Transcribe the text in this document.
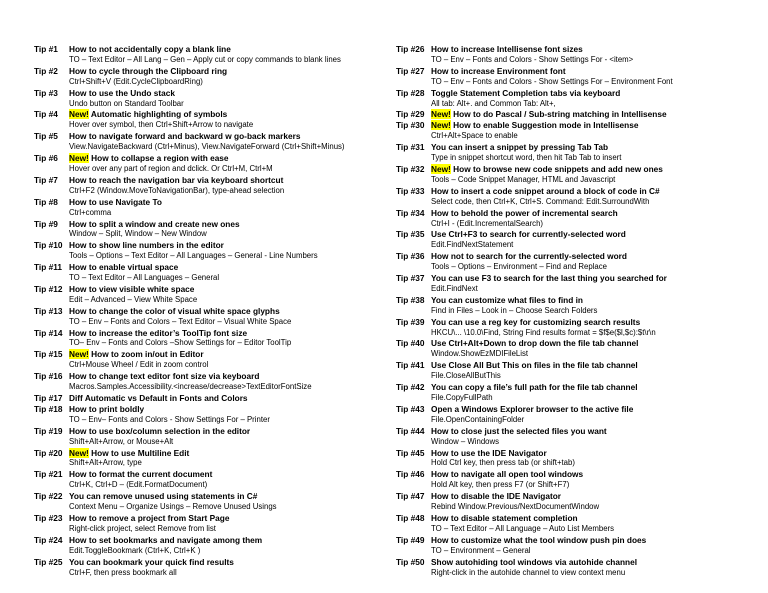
Tip #1	How to not accidentally copy a blank line
TO – Text Editor – All Lang – Gen – Apply cut or copy commands to blank lines
Tip #2	How to cycle through the Clipboard ring
Ctrl+Shift+V (Edit.CycleClipboardRing)
Tip #3	How to use the Undo stack
Undo button on Standard Toolbar
Tip #4	New! Automatic highlighting of symbols
Hover over symbol, then Ctrl+Shift+Arrow to navigate
Tip #5	How to navigate forward and backward w go-back markers
View.NavigateBackward (Ctrl+Minus), View.NavigateForward (Ctrl+Shift+Minus)
Tip #6	New! How to collapse a region with ease
Hover over any part of region and dclick. Or Ctrl+M, Ctrl+M
Tip #7	How to reach the navigation bar via keyboard shortcut
Ctrl+F2 (Window.MoveToNavigationBar), type-ahead selection
Tip #8	How to use Navigate To
Ctrl+comma
Tip #9	How to split a window and create new ones
Window – Split, Window – New Window
Tip #10 How to show line numbers in the editor
Tools – Options – Text Editor – All Languages – General - Line Numbers
Tip #11 How to enable virtual space
TO – Text Editor – All Languages – General
Tip #12 How to view visible white space
Edit – Advanced – View White Space
Tip #13 How to change the color of visual white space glyphs
TO – Env – Fonts and Colors – Text Editor – Visual White Space
Tip #14 How to increase the editor’s ToolTip font size
TO– Env – Fonts and Colors –Show Settings for – Editor ToolTip
Tip #15 New! How to zoom in/out in Editor
Ctrl+Mouse Wheel / Edit in zoom control
Tip #16 How to change text editor font size via keyboard
Macros.Samples.Accessibility.<increase/decrease>TextEditorFontSize
Tip #17 Diff Automatic vs Default in Fonts and Colors
Tip #18 How to print boldly
TO – Env– Fonts and Colors - Show Settings For – Printer
Tip #19 How to use box/column selection in the editor
Shift+Alt+Arrow, or Mouse+Alt
Tip #20 New! How to use Multiline Edit
Shift+Alt+Arrow, type
Tip #21 How to format the current document
Ctrl+K, Ctrl+D – (Edit.FormatDocument)
Tip #22 You can remove unused using statements in C#
Context Menu – Organize Usings – Remove Unused Usings
Tip #23 How to remove a project from Start Page
Right-click project, select Remove from list
Tip #24 How to set bookmarks and navigate among them
Edit.ToggleBookmark (Ctrl+K, Ctrl+K )
Tip #25 You can bookmark your quick find results
Ctrl+F, then press bookmark all
Tip #26 How to increase Intellisense font sizes
TO – Env – Fonts and Colors - Show Settings For - <item>
Tip #27 How to increase Environment font
TO – Env – Fonts and Colors - Show Settings For – Environment Font
Tip #28 Toggle Statement Completion tabs via keyboard
All tab: Alt+. and Common Tab: Alt+,
Tip #29 New! How to do Pascal / Sub-string matching in Intellisense
Tip #30 New! How to enable Suggestion mode in Intellisense
Ctrl+Alt+Space to enable
Tip #31 You can insert a snippet by pressing Tab Tab
Type in snippet shortcut word, then hit Tab Tab to insert
Tip #32 New! How to browse new code snippets and add new ones
Tools – Code Snippet Manager, HTML and Javascript
Tip #33 How to insert a code snippet around a block of code in C#
Select code, then Ctrl+K, Ctrl+S. Command: Edit.SurroundWith
Tip #34 How to behold the power of incremental search
Ctrl+I - (Edit.IncrementalSearch)
Tip #35 Use Ctrl+F3 to search for currently-selected word
Edit.FindNextStatement
Tip #36 How not to search for the currently-selected word
Tools – Options – Environment – Find and Replace
Tip #37 You can use F3 to search for the last thing you searched for
Edit.FindNext
Tip #38 You can customize what files to find in
Find in Files – Look in – Choose Search Folders
Tip #39 You can use a reg key for customizing search results
HKCU\... \10.0\Find, String Find results format = $f$e($l,$c):$t\r\n
Tip #40 Use Ctrl+Alt+Down to drop down the file tab channel
Window.ShowEzMDIFileList
Tip #41 Use Close All But This on files in the file tab channel
File.CloseAllButThis
Tip #42 You can copy a file’s full path for the file tab channel
File.CopyFullPath
Tip #43 Open a Windows Explorer browser to the active file
File.OpenContainingFolder
Tip #44 How to close just the selected files you want
Window – Windows
Tip #45 How to use the IDE Navigator
Hold Ctrl key, then press tab (or shift+tab)
Tip #46 How to navigate all open tool windows
Hold Alt key, then press F7 (or Shift+F7)
Tip #47 How to disable the IDE Navigator
Rebind Window.Previous/NextDocumentWindow
Tip #48 How to disable statement completion
TO – Text Editor – All Language – Auto List Members
Tip #49 How to customize what the tool window push pin does
TO – Environment – General
Tip #50 Show autohiding tool windows via autohide channel
Right-click in the autohide channel to view context menu
